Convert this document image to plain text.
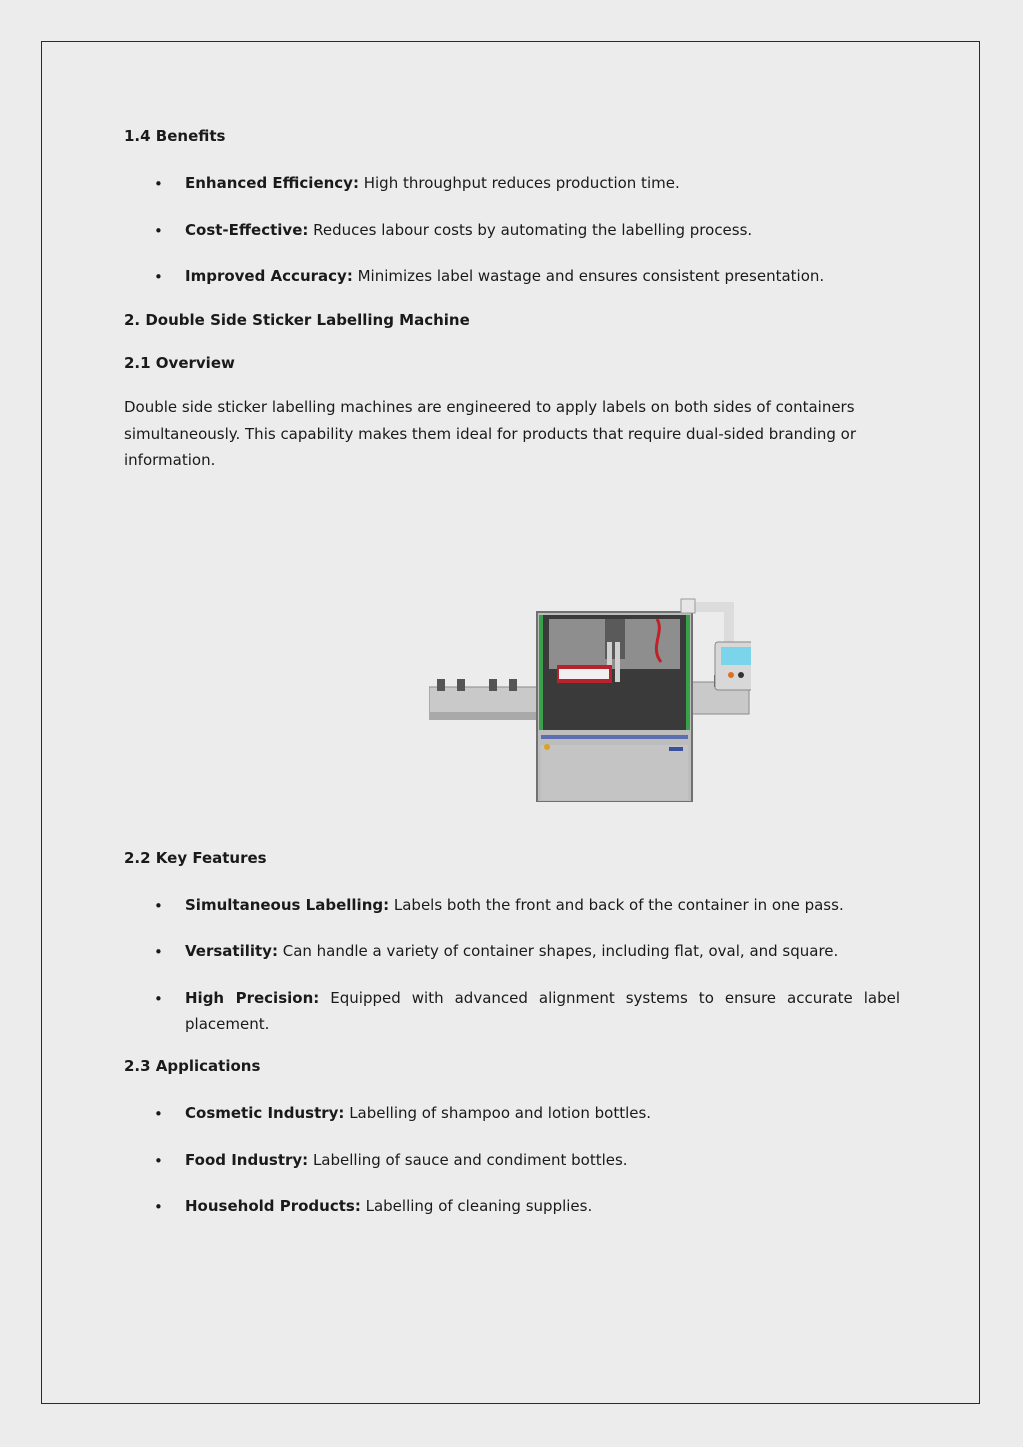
1.4 Benefits
• Enhanced Efficiency: High throughput reduces production time.
• Cost-Effective: Reduces labour costs by automating the labelling process.
• Improved Accuracy: Minimizes label wastage and ensures consistent presentation.
2. Double Side Sticker Labelling Machine
2.1 Overview
Double side sticker labelling machines are engineered to apply labels on both sides of containers simultaneously. This capability makes them ideal for products that require dual-sided branding or information.
2.2 Key Features
• Simultaneous Labelling: Labels both the front and back of the container in one pass.
• Versatility: Can handle a variety of container shapes, including flat, oval, and square.
• High Precision: Equipped with advanced alignment systems to ensure accurate label placement.
2.3 Applications
• Cosmetic Industry: Labelling of shampoo and lotion bottles.
• Food Industry: Labelling of sauce and condiment bottles.
• Household Products: Labelling of cleaning supplies.
